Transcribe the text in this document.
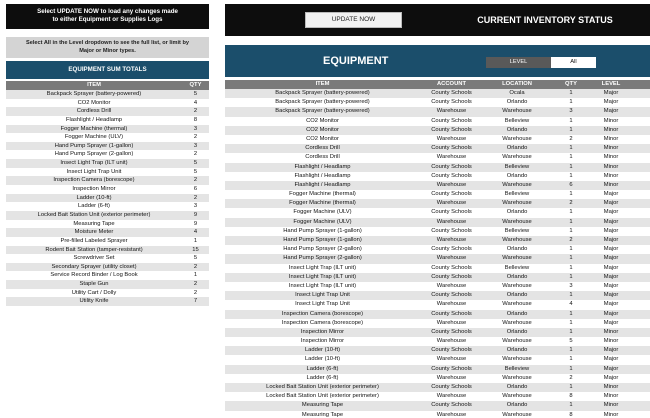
Select UPDATE NOW to load any changes made
to either Equipment or Supplies Logs
Select All in the Level dropdown to see the full list, or limit by
Major or Minor types.
EQUIPMENT SUM TOTALS
ITEM	QTY
Backpack Sprayer (battery-powered)	5
CO2 Monitor	4
Cordless Drill	2
Flashlight / Headlamp	8
Fogger Machine (thermal)	3
Fogger Machine (ULV)	2
Hand Pump Sprayer (1-gallon)	3
Hand Pump Sprayer (2-gallon)	2
Insect Light Trap (ILT unit)	5
Insect Light Trap Unit	5
Inspection Camera (borescope)	2
Inspection Mirror	6
Ladder (10-ft)	2
Ladder (6-ft)	3
Locked Bait Station Unit (exterior perimeter)	9
Measuring Tape	9
Moisture Meter	4
Pre-filled Labeled Sprayer	1
Rodent Bait Station (tamper-resistant)	15
Screwdriver Set	5
Secondary Sprayer (utility closet)	2
Service Record Binder / Log Book	1
Staple Gun	2
Utility Cart / Dolly	2
Utility Knife	7
UPDATE NOW	CURRENT INVENTORY STATUS
EQUIPMENT	LEVEL	All
ITEM	ACCOUNT	LOCATION	QTY	LEVEL
Backpack Sprayer (battery-powered)	County Schools	Ocala	1	Major
Backpack Sprayer (battery-powered)	County Schools	Orlando	1	Major
Backpack Sprayer (battery-powered)	Warehouse	Warehouse	3	Major
CO2 Monitor	County Schools	Belleview	1	Minor
CO2 Monitor	County Schools	Orlando	1	Minor
CO2 Monitor	Warehouse	Warehouse	2	Minor
Cordless Drill	County Schools	Orlando	1	Minor
Cordless Drill	Warehouse	Warehouse	1	Minor
Flashlight / Headlamp	County Schools	Belleview	1	Minor
Flashlight / Headlamp	County Schools	Orlando	1	Minor
Flashlight / Headlamp	Warehouse	Warehouse	6	Minor
Fogger Machine (thermal)	County Schools	Belleview	1	Major
Fogger Machine (thermal)	Warehouse	Warehouse	2	Major
Fogger Machine (ULV)	County Schools	Orlando	1	Major
Fogger Machine (ULV)	Warehouse	Warehouse	1	Major
Hand Pump Sprayer (1-gallon)	County Schools	Belleview	1	Major
Hand Pump Sprayer (1-gallon)	Warehouse	Warehouse	2	Major
Hand Pump Sprayer (2-gallon)	County Schools	Orlando	1	Major
Hand Pump Sprayer (2-gallon)	Warehouse	Warehouse	1	Major
Insect Light Trap (ILT unit)	County Schools	Belleview	1	Major
Insect Light Trap (ILT unit)	County Schools	Orlando	1	Major
Insect Light Trap (ILT unit)	Warehouse	Warehouse	3	Major
Insect Light Trap Unit	County Schools	Orlando	1	Major
Insect Light Trap Unit	Warehouse	Warehouse	4	Major
Inspection Camera (borescope)	County Schools	Orlando	1	Major
Inspection Camera (borescope)	Warehouse	Warehouse	1	Major
Inspection Mirror	County Schools	Orlando	1	Minor
Inspection Mirror	Warehouse	Warehouse	5	Minor
Ladder (10-ft)	County Schools	Orlando	1	Major
Ladder (10-ft)	Warehouse	Warehouse	1	Major
Ladder (6-ft)	County Schools	Belleview	1	Major
Ladder (6-ft)	Warehouse	Warehouse	2	Major
Locked Bait Station Unit (exterior perimeter)	County Schools	Orlando	1	Minor
Locked Bait Station Unit (exterior perimeter)	Warehouse	Warehouse	8	Minor
Measuring Tape	County Schools	Orlando	1	Minor
Measuring Tape	Warehouse	Warehouse	8	Minor
